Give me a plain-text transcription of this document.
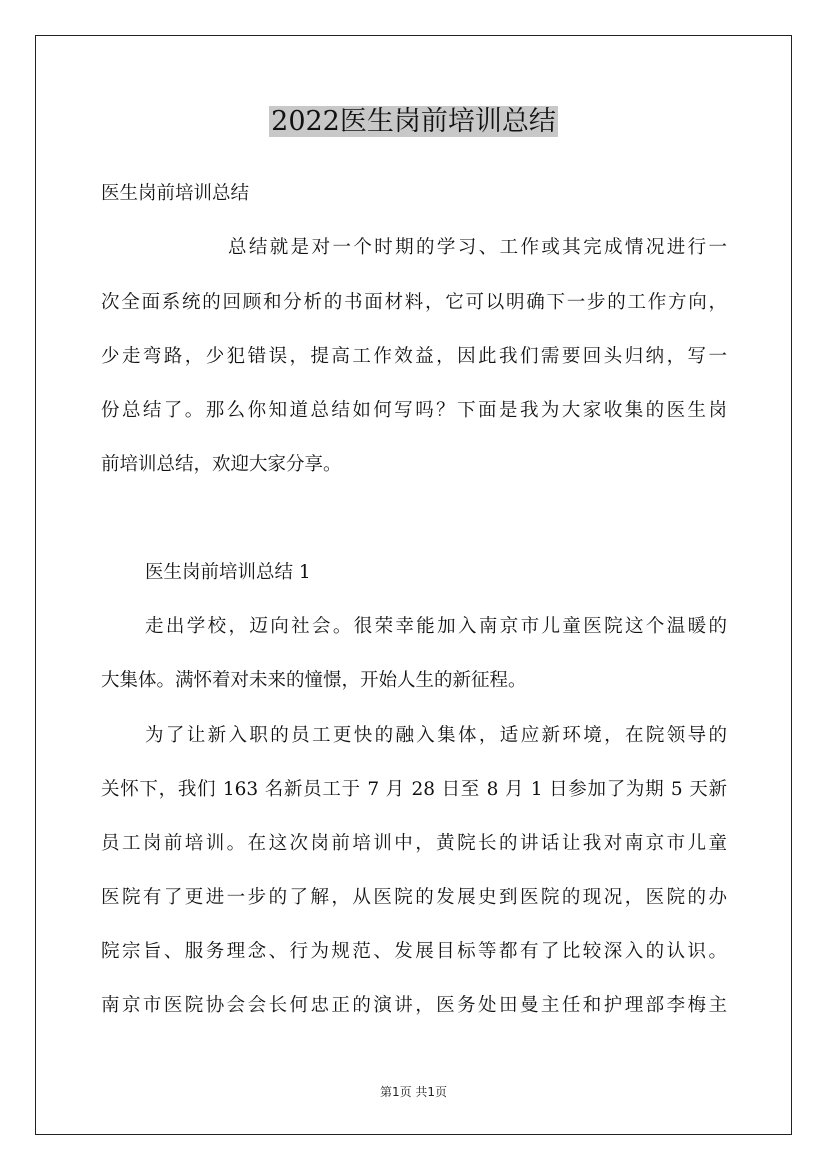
2022医生岗前培训总结
医生岗前培训总结
总结就是对一个时期的学习、工作或其完成情况进行一
次全面系统的回顾和分析的书面材料，它可以明确下一步的工作方向，
少走弯路，少犯错误，提高工作效益，因此我们需要回头归纳，写一
份总结了。那么你知道总结如何写吗？下面是我为大家收集的医生岗
前培训总结，欢迎大家分享。
医生岗前培训总结 1
走出学校，迈向社会。很荣幸能加入南京市儿童医院这个温暖的
大集体。满怀着对未来的憧憬，开始人生的新征程。
为了让新入职的员工更快的融入集体，适应新环境，在院领导的
关怀下，我们 163 名新员工于 7 月 28 日至 8 月 1 日参加了为期 5 天新
员工岗前培训。在这次岗前培训中，黄院长的讲话让我对南京市儿童
医院有了更进一步的了解，从医院的发展史到医院的现况，医院的办
院宗旨、服务理念、行为规范、发展目标等都有了比较深入的认识。
南京市医院协会会长何忠正的演讲，医务处田曼主任和护理部李梅主
第1页 共1页
